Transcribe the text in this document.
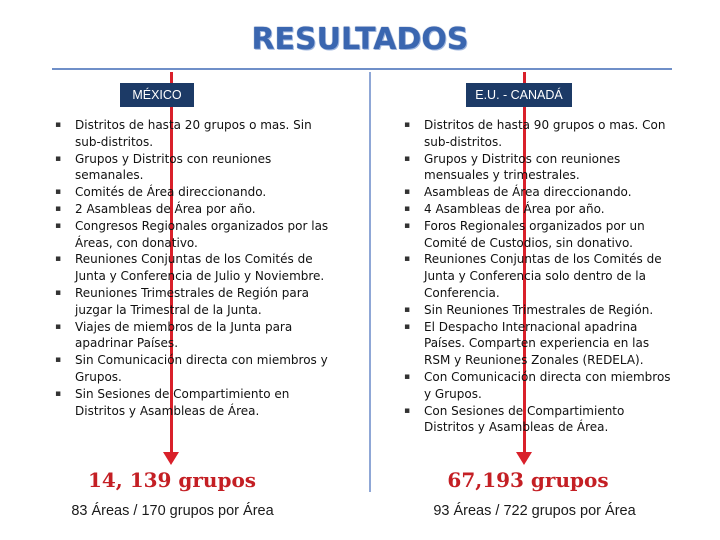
RESULTADOS
MÉXICO	E.U. - CANADÁ
▪ Distritos de hasta 20 grupos o mas. Sin sub-distritos.
▪ Grupos y Distritos con reuniones semanales.
▪ Comités de Área direccionando.
▪ 2 Asambleas de Área por año.
▪ Congresos Regionales organizados por las Áreas, con donativo.
▪ Reuniones Conjuntas de los Comités de Junta y Conferencia de Julio y Noviembre.
▪ Reuniones Trimestrales de Región para juzgar la Trimestral de la Junta.
▪ Viajes de miembros de la Junta para apadrinar Países.
▪ Sin Comunicación directa con miembros y Grupos.
▪ Sin Sesiones de Compartimiento en Distritos y Asambleas de Área.
▪ Distritos de hasta 90 grupos o mas. Con sub-distritos.
▪ Grupos y Distritos con reuniones mensuales y trimestrales.
▪ Asambleas de Área direccionando.
▪ 4 Asambleas de Área por año.
▪ Foros Regionales organizados por un Comité de Custodios, sin donativo.
▪ Reuniones Conjuntas de los Comités de Junta y Conferencia solo dentro de la Conferencia.
▪ Sin Reuniones Trimestrales de Región.
▪ El Despacho Internacional apadrina Países. Comparten experiencia en las RSM y Reuniones Zonales (REDELA).
▪ Con Comunicación directa con miembros y Grupos.
▪ Con Sesiones de Compartimiento Distritos y Asambleas de Área.
14, 139 grupos	67,193 grupos
83 Áreas / 170 grupos por Área	93 Áreas / 722 grupos por Área
